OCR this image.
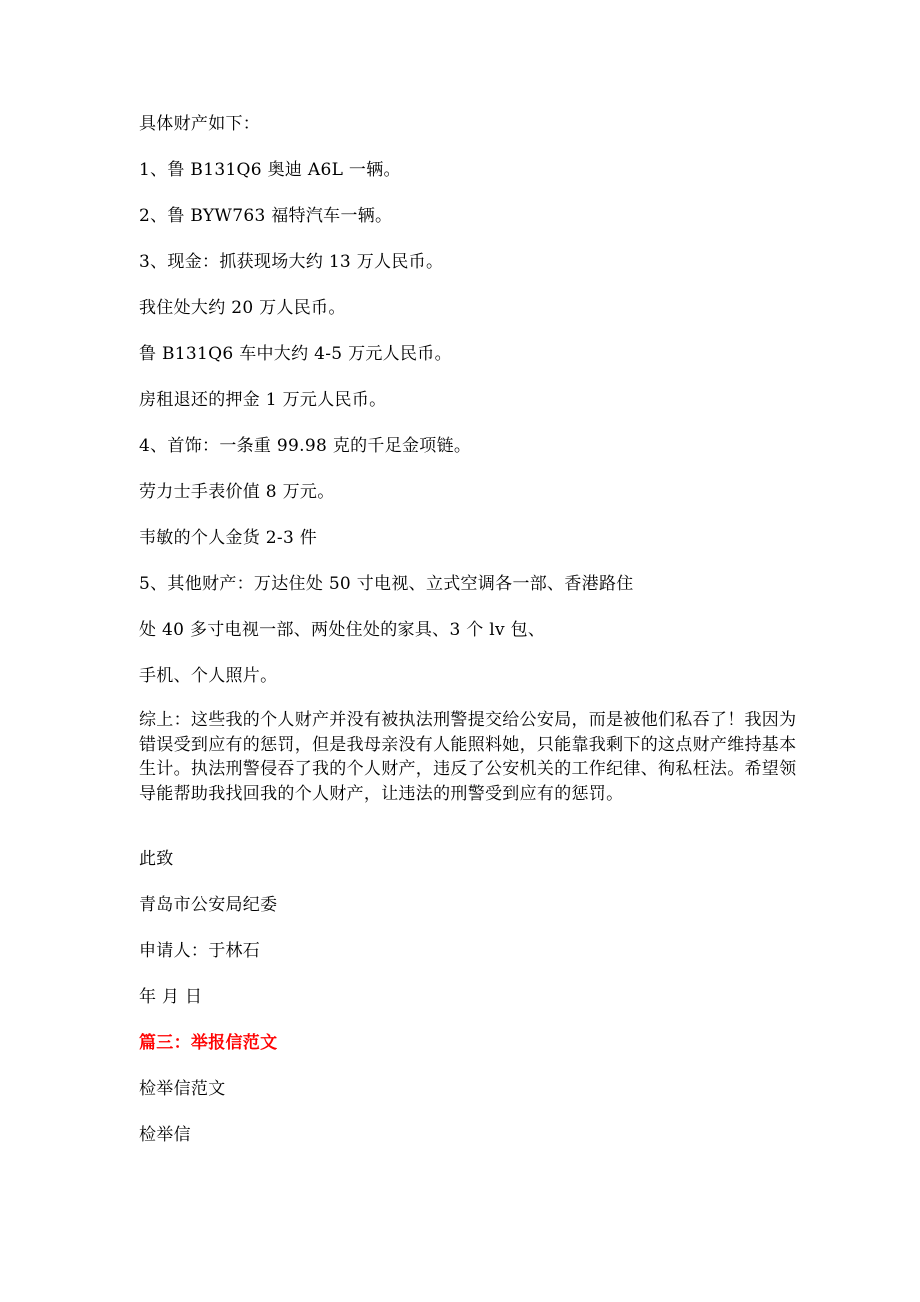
具体财产如下：
1、鲁 B131Q6 奥迪 A6L 一辆。
2、鲁 BYW763 福特汽车一辆。
3、现金：抓获现场大约 13 万人民币。
我住处大约 20 万人民币。
鲁 B131Q6 车中大约 4-5 万元人民币。
房租退还的押金 1 万元人民币。
4、首饰：一条重 99.98 克的千足金项链。
劳力士手表价值 8 万元。
韦敏的个人金货 2-3 件
5、其他财产：万达住处 50 寸电视、立式空调各一部、香港路住
处 40 多寸电视一部、两处住处的家具、3 个 lv 包、
手机、个人照片。
综上：这些我的个人财产并没有被执法刑警提交给公安局，而是被他们私吞了！我因为错误受到应有的惩罚，但是我母亲没有人能照料她，只能靠我剩下的这点财产维持基本生计。执法刑警侵吞了我的个人财产，违反了公安机关的工作纪律、徇私枉法。希望领导能帮助我找回我的个人财产，让违法的刑警受到应有的惩罚。
此致
青岛市公安局纪委
申请人：于林石
年 月 日
篇三：举报信范文
检举信范文
检举信
